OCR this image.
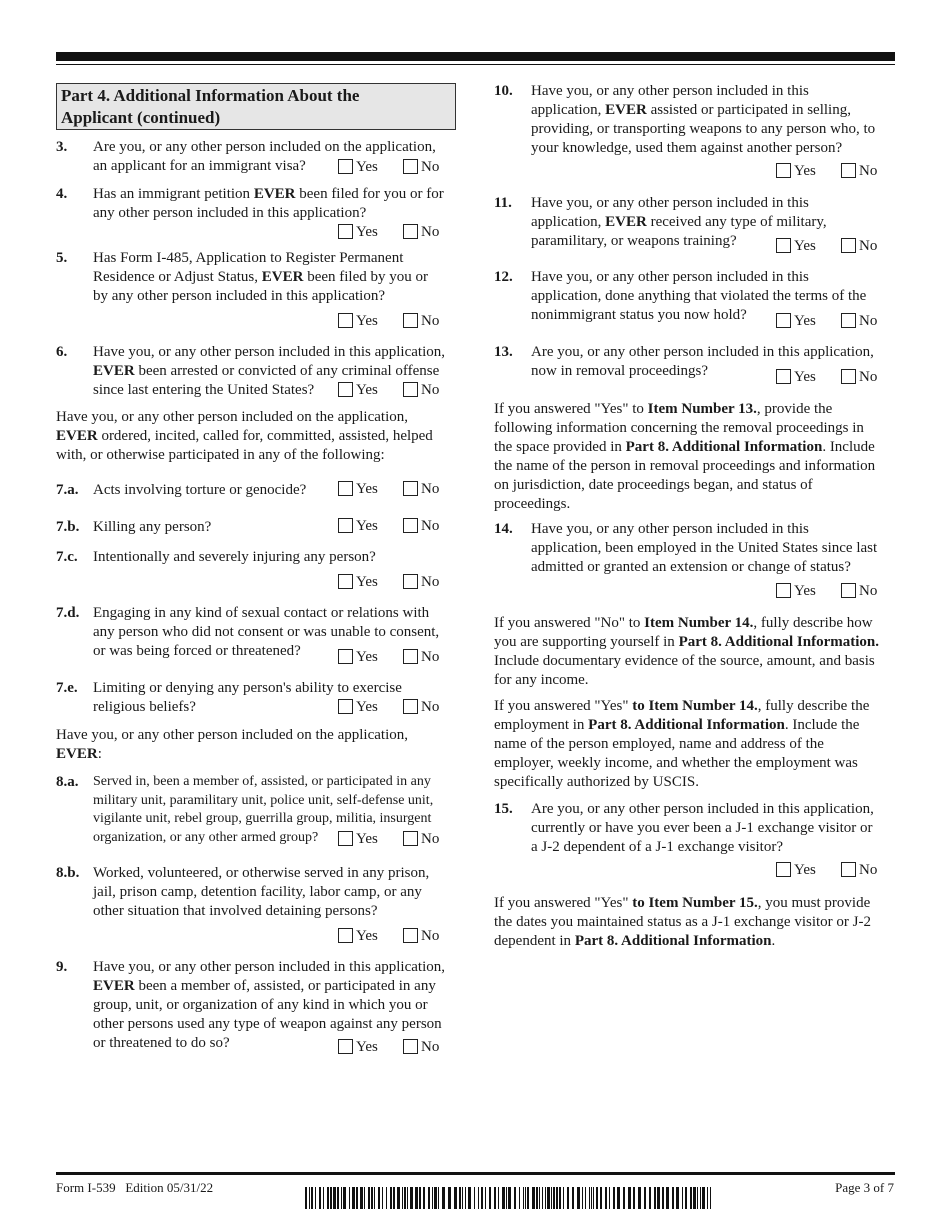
Part 4. Additional Information About the
Applicant (continued)
3. Are you, or any other person included on the application,
an applicant for an immigrant visa?	Yes	No
4. Has an immigrant petition EVER been filed for you or for
any other person included in this application?
Yes	No
5. Has Form I-485, Application to Register Permanent
Residence or Adjust Status, EVER been filed by you or
by any other person included in this application?
Yes	No
6. Have you, or any other person included in this application,
EVER been arrested or convicted of any criminal offense
since last entering the United States?	Yes	No
Have you, or any other person included on the application,
EVER ordered, incited, called for, committed, assisted, helped
with, or otherwise participated in any of the following:
7.a. Acts involving torture or genocide?	Yes	No
7.b. Killing any person?	Yes	No
7.c. Intentionally and severely injuring any person?
Yes	No
7.d. Engaging in any kind of sexual contact or relations with
any person who did not consent or was unable to consent,
or was being forced or threatened?	Yes	No
7.e. Limiting or denying any person's ability to exercise
religious beliefs?	Yes	No
Have you, or any other person included on the application,
EVER:
8.a. Served in, been a member of, assisted, or participated in any
military unit, paramilitary unit, police unit, self-defense unit,
vigilante unit, rebel group, guerrilla group, militia, insurgent
organization, or any other armed group?	Yes	No
8.b. Worked, volunteered, or otherwise served in any prison,
jail, prison camp, detention facility, labor camp, or any
other situation that involved detaining persons?
Yes	No
9. Have you, or any other person included in this application,
EVER been a member of, assisted, or participated in any
group, unit, or organization of any kind in which you or
other persons used any type of weapon against any person
or threatened to do so?	Yes	No
10. Have you, or any other person included in this
application, EVER assisted or participated in selling,
providing, or transporting weapons to any person who, to
your knowledge, used them against another person?
Yes	No
11. Have you, or any other person included in this
application, EVER received any type of military,
paramilitary, or weapons training?	Yes	No
12. Have you, or any other person included in this
application, done anything that violated the terms of the
nonimmigrant status you now hold?	Yes	No
13. Are you, or any other person included in this application,
now in removal proceedings?	Yes	No
If you answered "Yes" to Item Number 13., provide the
following information concerning the removal proceedings in
the space provided in Part 8. Additional Information. Include
the name of the person in removal proceedings and information
on jurisdiction, date proceedings began, and status of
proceedings.
14. Have you, or any other person included in this
application, been employed in the United States since last
admitted or granted an extension or change of status?
Yes	No
If you answered "No" to Item Number 14., fully describe how
you are supporting yourself in Part 8. Additional Information.
Include documentary evidence of the source, amount, and basis
for any income.
If you answered "Yes" to Item Number 14., fully describe the
employment in Part 8. Additional Information. Include the
name of the person employed, name and address of the
employer, weekly income, and whether the employment was
specifically authorized by USCIS.
15. Are you, or any other person included in this application,
currently or have you ever been a J-1 exchange visitor or
a J-2 dependent of a J-1 exchange visitor?
Yes	No
If you answered "Yes" to Item Number 15., you must provide
the dates you maintained status as a J-1 exchange visitor or J-2
dependent in Part 8. Additional Information.
Form I-539 Edition 05/31/22	Page 3 of 7
